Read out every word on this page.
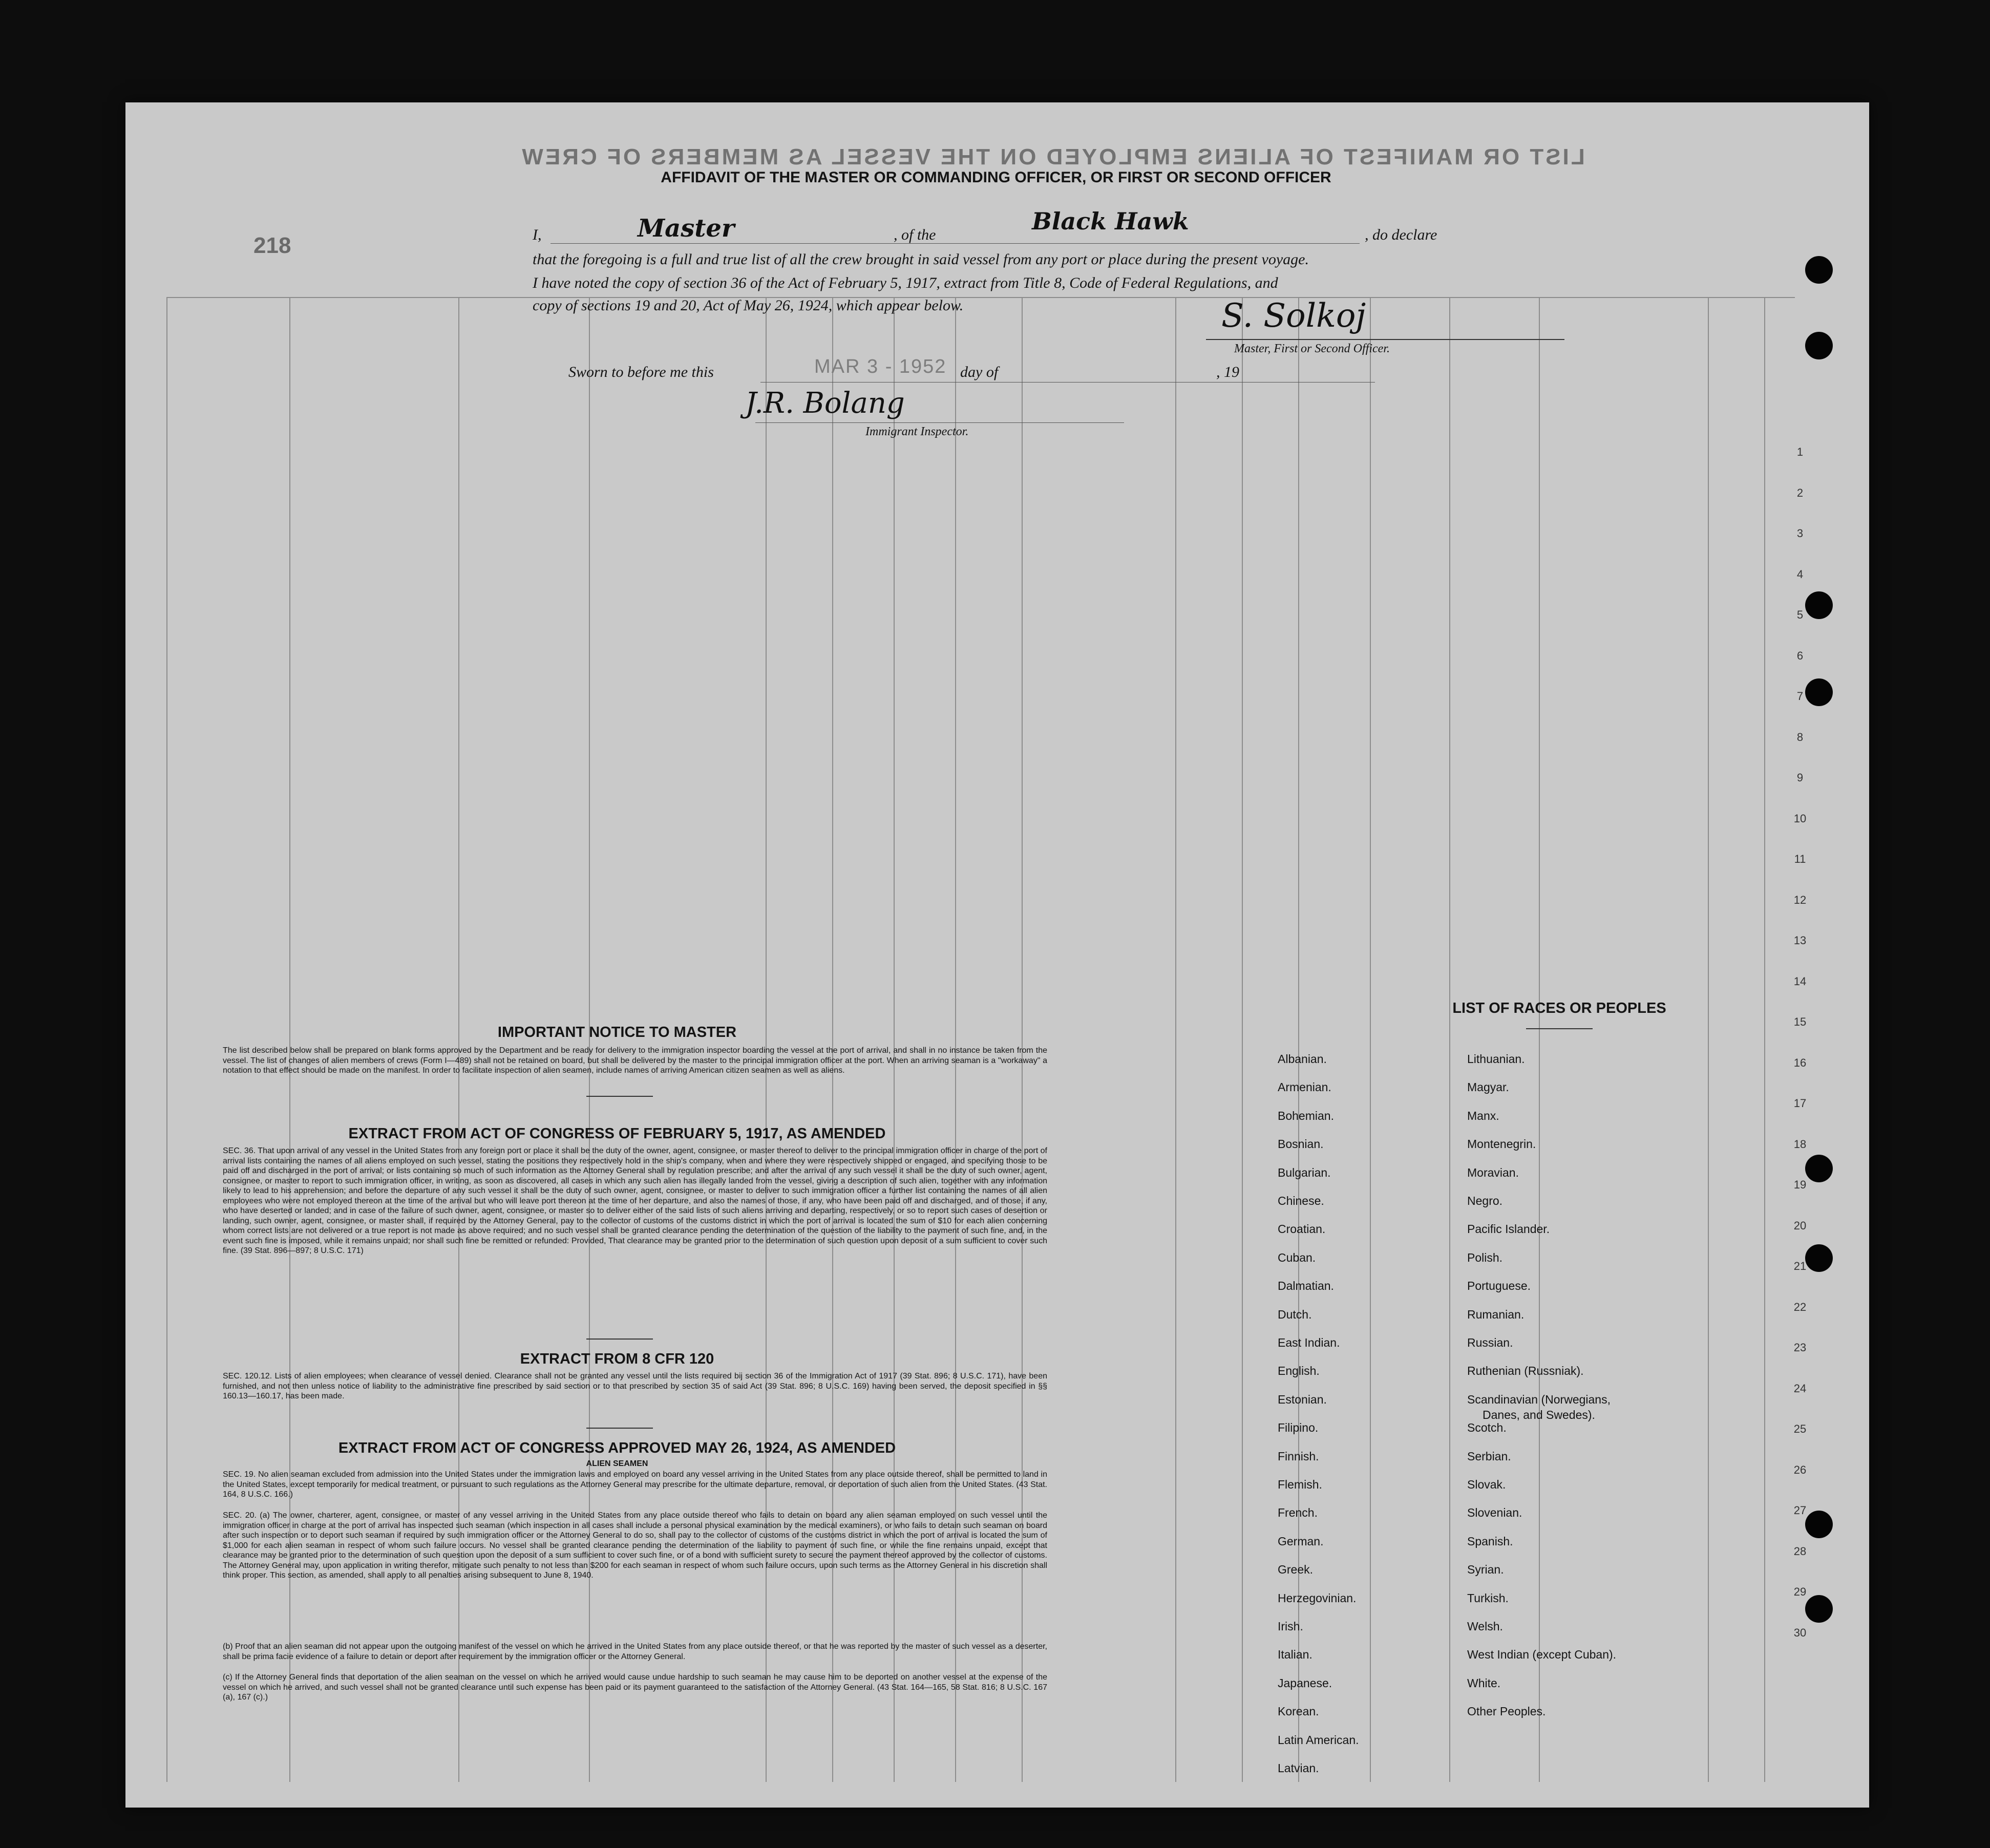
1
2
3
4
5
6
7
8
9
10
11
12
13
14
15
16
17
18
19
20
21
22
23
24
25
26
27
28
29
30
LIST OR MANIFEST OF ALIENS EMPLOYED ON THE VESSEL AS MEMBERS OF CREW
218
AFFIDAVIT OF THE MASTER OR COMMANDING OFFICER, OR FIRST OR SECOND OFFICER
I,	Master	, of the	Black Hawk	, do declare
that the foregoing is a full and true list of all the crew brought in said vessel from any port or place during the present voyage.
I have noted the copy of section 36 of the Act of February 5, 1917, extract from Title 8, Code of Federal Regulations, and
copy of sections 19 and 20, Act of May 26, 1924, which appear below.	S. Solkoj
Master, First or Second Officer.
Sworn to before me this	MAR 3 - 1952 day of	, 19
J.R. Bolang
Immigrant Inspector.
IMPORTANT NOTICE TO MASTER
The list described below shall be prepared on blank forms approved by the Department and be ready for delivery to the immigration inspector boarding the vessel at the port of arrival, and shall in no instance be taken from the vessel. The list of changes of alien members of crews (Form I—489) shall not be retained on board, but shall be delivered by the master to the principal immigration officer at the port. When an arriving seaman is a "workaway" a notation to that effect should be made on the manifest. In order to facilitate inspection of alien seamen, include names of arriving American citizen seamen as well as aliens.
EXTRACT FROM ACT OF CONGRESS OF FEBRUARY 5, 1917, AS AMENDED
SEC. 36. That upon arrival of any vessel in the United States from any foreign port or place it shall be the duty of the owner, agent, consignee, or master thereof to deliver to the principal immigration officer in charge of the port of arrival lists containing the names of all aliens employed on such vessel, stating the positions they respectively hold in the ship's company, when and where they were respectively shipped or engaged, and specifying those to be paid off and discharged in the port of arrival; or lists containing so much of such information as the Attorney General shall by regulation prescribe; and after the arrival of any such vessel it shall be the duty of such owner, agent, consignee, or master to report to such immigration officer, in writing, as soon as discovered, all cases in which any such alien has illegally landed from the vessel, giving a description of such alien, together with any information likely to lead to his apprehension; and before the departure of any such vessel it shall be the duty of such owner, agent, consignee, or master to deliver to such immigration officer a further list containing the names of all alien employees who were not employed thereon at the time of the arrival but who will leave port thereon at the time of her departure, and also the names of those, if any, who have been paid off and discharged, and of those, if any, who have deserted or landed; and in case of the failure of such owner, agent, consignee, or master so to deliver either of the said lists of such aliens arriving and departing, respectively, or so to report such cases of desertion or landing, such owner, agent, consignee, or master shall, if required by the Attorney General, pay to the collector of customs of the customs district in which the port of arrival is located the sum of $10 for each alien concerning whom correct lists are not delivered or a true report is not made as above required; and no such vessel shall be granted clearance pending the determination of the question of the liability to the payment of such fine, and, in the event such fine is imposed, while it remains unpaid; nor shall such fine be remitted or refunded: Provided, That clearance may be granted prior to the determination of such question upon deposit of a sum sufficient to cover such fine. (39 Stat. 896—897; 8 U.S.C. 171)
EXTRACT FROM 8 CFR 120
SEC. 120.12. Lists of alien employees; when clearance of vessel denied. Clearance shall not be granted any vessel until the lists required bij section 36 of the Immigration Act of 1917 (39 Stat. 896; 8 U.S.C. 171), have been furnished, and not then unless notice of liability to the administrative fine prescribed by said section or to that prescribed by section 35 of said Act (39 Stat. 896; 8 U.S.C. 169) having been served, the deposit specified in §§ 160.13—160.17, has been made.
EXTRACT FROM ACT OF CONGRESS APPROVED MAY 26, 1924, AS AMENDED
ALIEN SEAMEN
SEC. 19. No alien seaman excluded from admission into the United States under the immigration laws and employed on board any vessel arriving in the United States from any place outside thereof, shall be permitted to land in the United States, except temporarily for medical treatment, or pursuant to such regulations as the Attorney General may prescribe for the ultimate departure, removal, or deportation of such alien from the United States. (43 Stat. 164, 8 U.S.C. 166.)
SEC. 20. (a) The owner, charterer, agent, consignee, or master of any vessel arriving in the United States from any place outside thereof who fails to detain on board any alien seaman employed on such vessel until the immigration officer in charge at the port of arrival has inspected such seaman (which inspection in all cases shall include a personal physical examination by the medical examiners), or who fails to detain such seaman on board after such inspection or to deport such seaman if required by such immigration officer or the Attorney General to do so, shall pay to the collector of customs of the customs district in which the port of arrival is located the sum of $1,000 for each alien seaman in respect of whom such failure occurs. No vessel shall be granted clearance pending the determination of the liability to payment of such fine, or while the fine remains unpaid, except that clearance may be granted prior to the determination of such question upon the deposit of a sum sufficient to cover such fine, or of a bond with sufficient surety to secure the payment thereof approved by the collector of customs. The Attorney General may, upon application in writing therefor, mitigate such penalty to not less than $200 for each seaman in respect of whom such failure occurs, upon such terms as the Attorney General in his discretion shall think proper. This section, as amended, shall apply to all penalties arising subsequent to June 8, 1940.
(b) Proof that an alien seaman did not appear upon the outgoing manifest of the vessel on which he arrived in the United States from any place outside thereof, or that he was reported by the master of such vessel as a deserter, shall be prima facie evidence of a failure to detain or deport after requirement by the immigration officer or the Attorney General.
(c) If the Attorney General finds that deportation of the alien seaman on the vessel on which he arrived would cause undue hardship to such seaman he may cause him to be deported on another vessel at the expense of the vessel on which he arrived, and such vessel shall not be granted clearance until such expense has been paid or its payment guaranteed to the satisfaction of the Attorney General. (43 Stat. 164—165, 58 Stat. 816; 8 U.S.C. 167 (a), 167 (c).)
LIST OF RACES OR PEOPLES
Albanian.
Armenian.
Bohemian.
Bosnian.
Bulgarian.
Chinese.
Croatian.
Cuban.
Dalmatian.
Dutch.
East Indian.
English.
Estonian.
Filipino.
Finnish.
Flemish.
French.
German.
Greek.
Herzegovinian.
Irish.
Italian.
Japanese.
Korean.
Latin American.
Latvian.
Lithuanian.
Magyar.
Manx.
Montenegrin.
Moravian.
Negro.
Pacific Islander.
Polish.
Portuguese.
Rumanian.
Russian.
Ruthenian (Russniak).
Scandinavian (Norwegians,
Danes, and Swedes).
Scotch.
Serbian.
Slovak.
Slovenian.
Spanish.
Syrian.
Turkish.
Welsh.
West Indian (except Cuban).
White.
Other Peoples.
